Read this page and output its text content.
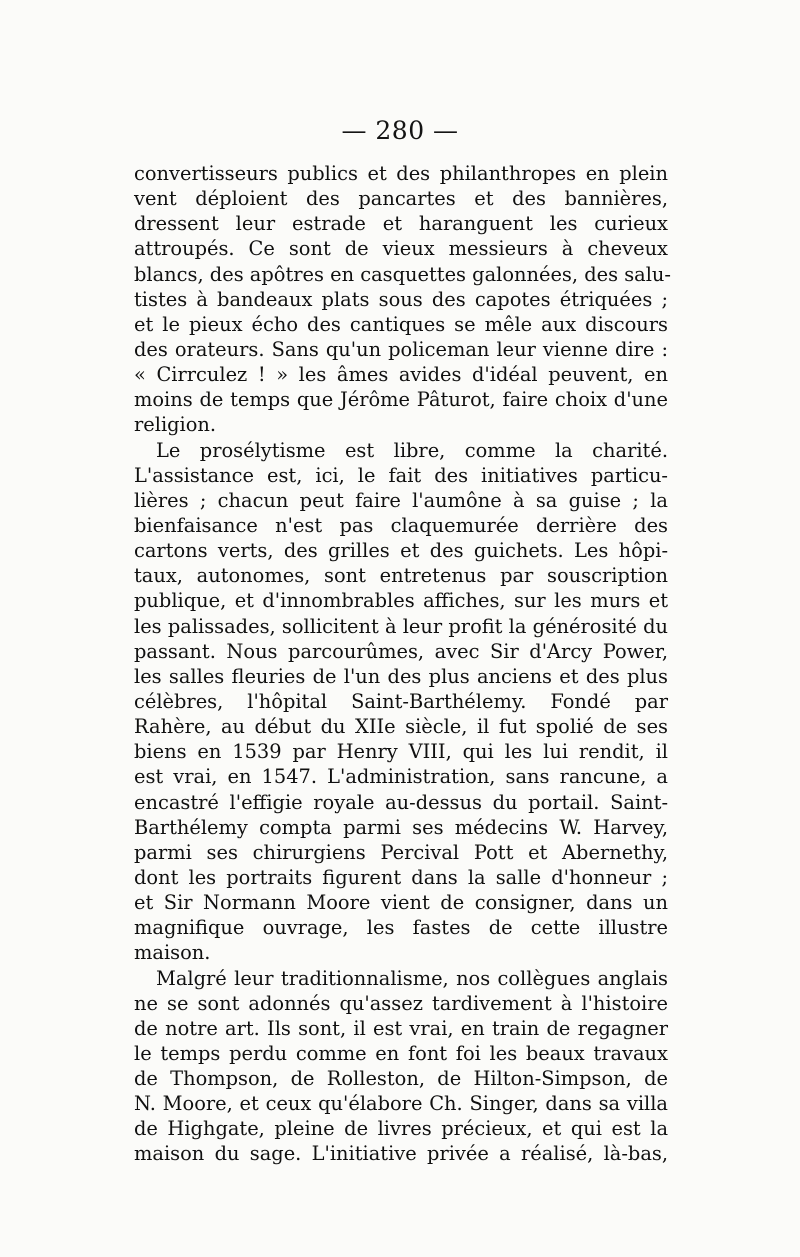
— 280 —
convertisseurs publics et des philanthropes en plein
vent déploient des pancartes et des bannières,
dressent leur estrade et haranguent les curieux
attroupés. Ce sont de vieux messieurs à cheveux
blancs, des apôtres en casquettes galonnées, des salu-
tistes à bandeaux plats sous des capotes étriquées ;
et le pieux écho des cantiques se mêle aux discours
des orateurs. Sans qu'un policeman leur vienne dire :
« Cirrculez ! » les âmes avides d'idéal peuvent, en
moins de temps que Jérôme Pâturot, faire choix d'une
religion.
Le prosélytisme est libre, comme la charité.
L'assistance est, ici, le fait des initiatives particu-
lières ; chacun peut faire l'aumône à sa guise ; la
bienfaisance n'est pas claquemurée derrière des
cartons verts, des grilles et des guichets. Les hôpi-
taux, autonomes, sont entretenus par souscription
publique, et d'innombrables affiches, sur les murs et
les palissades, sollicitent à leur profit la générosité du
passant. Nous parcourûmes, avec Sir d'Arcy Power,
les salles fleuries de l'un des plus anciens et des plus
célèbres, l'hôpital Saint-Barthélemy. Fondé par
Rahère, au début du XIIe siècle, il fut spolié de ses
biens en 1539 par Henry VIII, qui les lui rendit, il
est vrai, en 1547. L'administration, sans rancune, a
encastré l'effigie royale au-dessus du portail. Saint-
Barthélemy compta parmi ses médecins W. Harvey,
parmi ses chirurgiens Percival Pott et Abernethy,
dont les portraits figurent dans la salle d'honneur ;
et Sir Normann Moore vient de consigner, dans un
magnifique ouvrage, les fastes de cette illustre
maison.
Malgré leur traditionnalisme, nos collègues anglais
ne se sont adonnés qu'assez tardivement à l'histoire
de notre art. Ils sont, il est vrai, en train de regagner
le temps perdu comme en font foi les beaux travaux
de Thompson, de Rolleston, de Hilton-Simpson, de
N. Moore, et ceux qu'élabore Ch. Singer, dans sa villa
de Highgate, pleine de livres précieux, et qui est la
maison du sage. L'initiative privée a réalisé, là-bas,
